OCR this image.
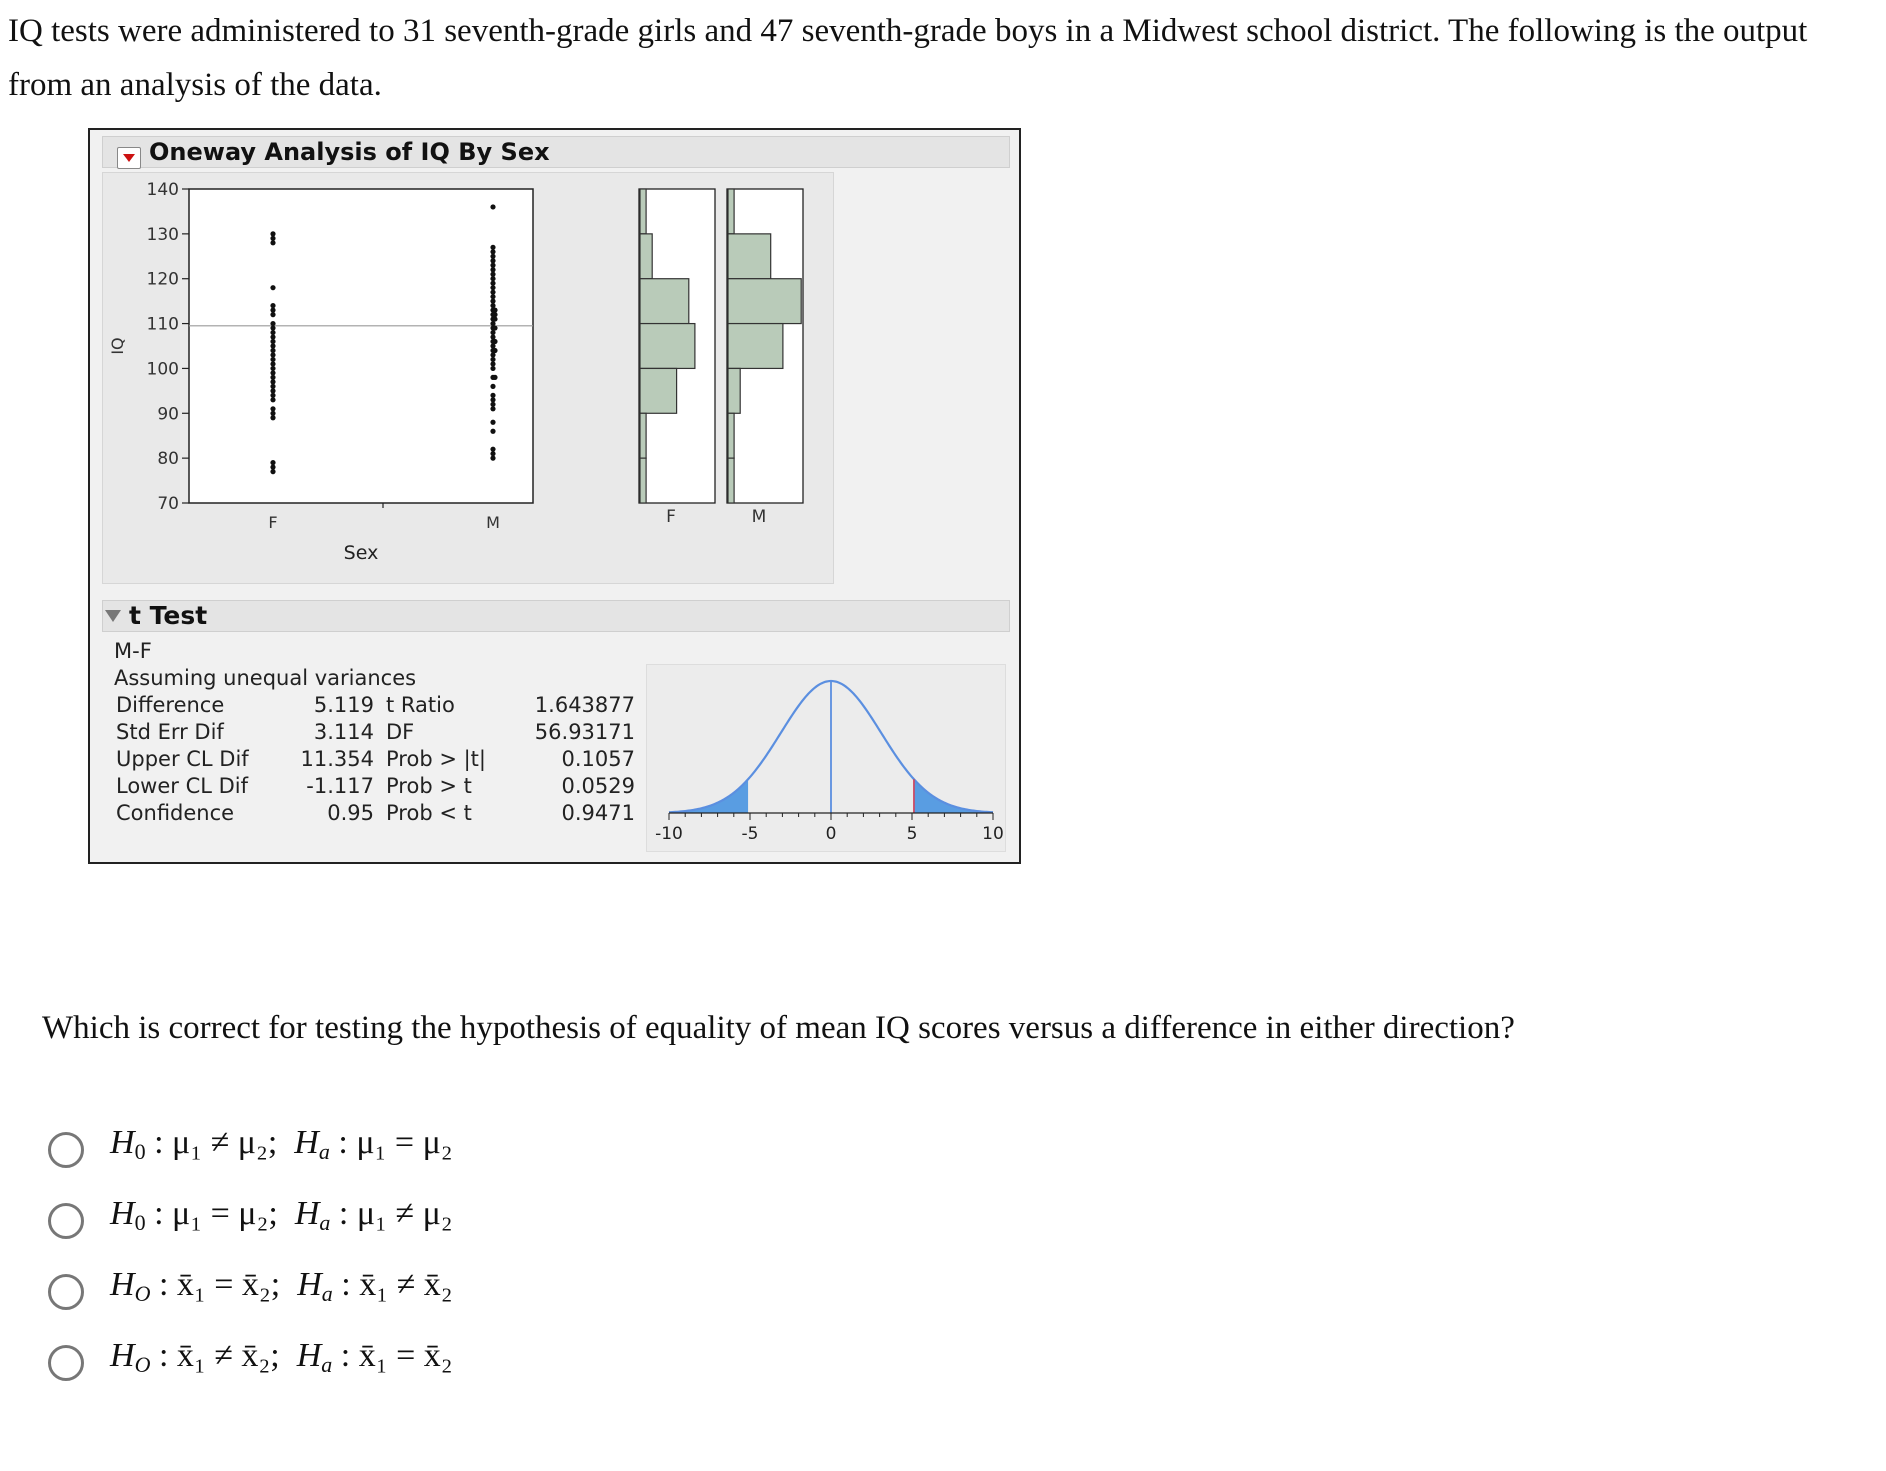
IQ tests were administered to 31 seventh-grade girls and 47 seventh-grade boys in a Midwest school district. The following is the output from an analysis of the data.
Oneway Analysis of IQ By Sex
140
130
120
110
100
90
80
70
IQ
F	M
Sex
F	M
t Test
M-F
Assuming unequal variances
Difference	5.119 t Ratio	1.643877
Std Err Dif	3.114 DF	56.93171
Upper CL Dif	11.354 Prob > |t|	0.1057
Lower CL Dif	-1.117 Prob > t	0.0529
Confidence	0.95 Prob < t	0.9471
-10	-5	0	5	10
Which is correct for testing the hypothesis of equality of mean IQ scores versus a difference in either direction?
$H_0$ : μ₁ ≠ μ₂; $H_a$ : μ₁ = μ₂
$H_0$ : μ₁ = μ₂; $H_a$ : μ₁ ≠ μ₂
$H_O$ : x̄₁ = x̄₂; $H_a$ : x̄₁ ≠ x̄₂
$H_O$ : x̄₁ ≠ x̄₂; $H_a$ : x̄₁ = x̄₂
